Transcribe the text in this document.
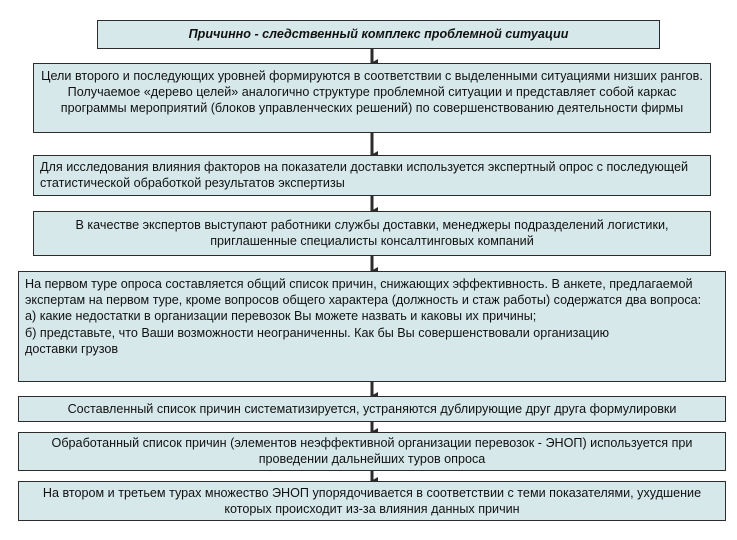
Причинно - следственный комплекс проблемной ситуации
Цели второго и последующих уровней формируются в соответствии с выделенными ситуациями низших рангов. Получаемое «дерево целей» аналогично структуре проблемной ситуации и представляет собой каркас программы мероприятий (блоков управленческих решений) по совершенствованию деятельности фирмы
Для исследования влияния факторов на показатели доставки используется экспертный опрос с последующей статистической обработкой результатов экспертизы
В качестве экспертов выступают работники службы доставки, менеджеры подразделений логистики, приглашенные специалисты консалтинговых компаний
На первом туре опроса составляется общий список причин, снижающих эффективность. В анкете, предлагаемой экспертам на первом туре, кроме вопросов общего характера (должность и стаж работы) содержатся два вопроса:
а) какие недостатки в организации перевозок Вы можете назвать и каковы их причины;
б) представьте, что Ваши возможности неограниченны. Как бы Вы совершенствовали организацию
доставки грузов
Составленный список причин систематизируется, устраняются дублирующие друг друга формулировки
Обработанный список причин (элементов неэффективной организации перевозок - ЭНОП) используется при проведении дальнейших туров опроса
На втором и третьем турах множество ЭНОП упорядочивается в соответствии с теми показателями, ухудшение которых происходит из-за влияния данных причин
